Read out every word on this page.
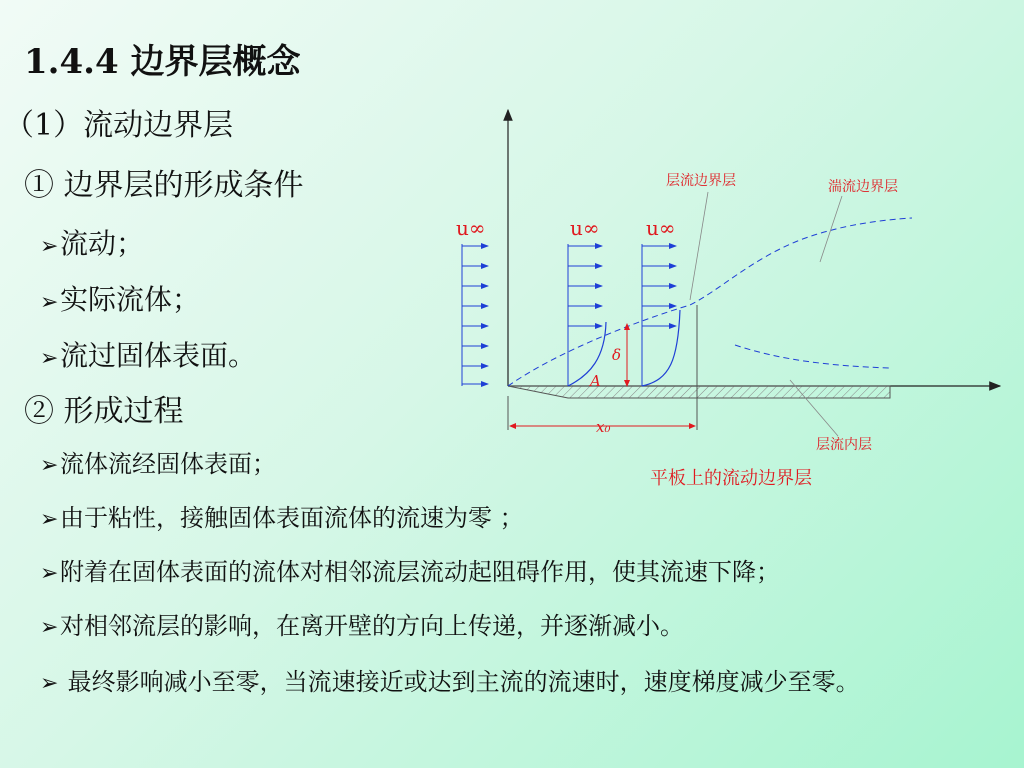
1.4.4 边界层概念
（1）流动边界层
① 边界层的形成条件
➢流动；
➢实际流体；
➢流过固体表面。
② 形成过程
➢流体流经固体表面；
➢由于粘性，接触固体表面流体的流速为零 ；
➢附着在固体表面的流体对相邻流层流动起阻碍作用，使其流速下降；
➢对相邻流层的影响，在离开壁的方向上传递，并逐渐减小。
➢ 最终影响减小至零，当流速接近或达到主流的流速时，速度梯度减少至零。
u∞	u∞ u∞
层流边界层	湍流边界层
层流内层
δ
A
x₀
平板上的流动边界层
